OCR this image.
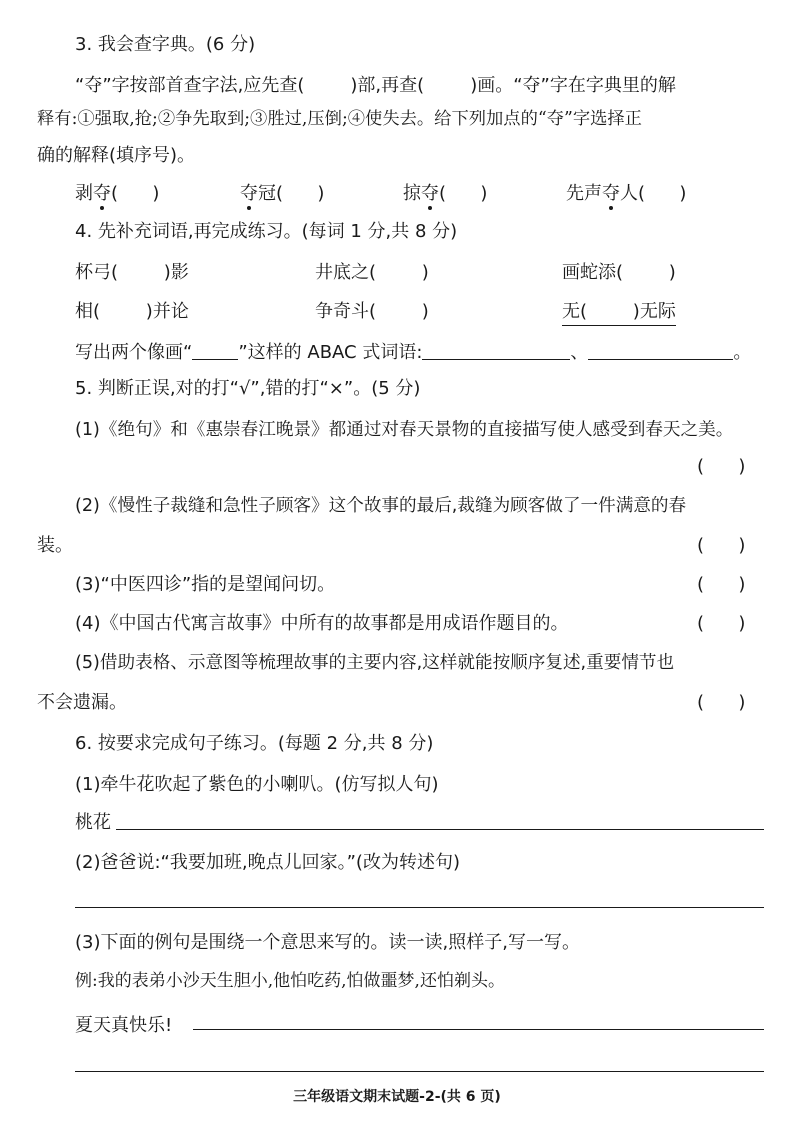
3. 我会查字典。(6 分)
“夺”字按部首查字法,应先查(	)部,再查(	)画。“夺”字在字典里的解
释有:①强取,抢;②争先取到;③胜过,压倒;④使失去。给下列加点的“夺”字选择正
确的解释(填序号)。
剥夺(      )	夺冠(      )	掠夺(      )	先声夺人(      )
4. 先补充词语,再完成练习。(每词 1 分,共 8 分)
杯弓(        )影	井底之(        )	画蛇添(        )
相(        )并论	争奇斗(        )	无(        )无际
写出两个像画“	”这样的 ABAC 式词语:	、	。
5. 判断正误,对的打“√”,错的打“×”。(5 分)
(1)《绝句》和《惠崇春江晚景》都通过对春天景物的直接描写使人感受到春天之美。
(      )
(2)《慢性子裁缝和急性子顾客》这个故事的最后,裁缝为顾客做了一件满意的春
装。	(      )
(3)“中医四诊”指的是望闻问切。	(      )
(4)《中国古代寓言故事》中所有的故事都是用成语作题目的。	(      )
(5)借助表格、示意图等梳理故事的主要内容,这样就能按顺序复述,重要情节也
不会遗漏。	(      )
6. 按要求完成句子练习。(每题 2 分,共 8 分)
(1)牵牛花吹起了紫色的小喇叭。(仿写拟人句)
桃花
(2)爸爸说:“我要加班,晚点儿回家。”(改为转述句)
(3)下面的例句是围绕一个意思来写的。读一读,照样子,写一写。
例:我的表弟小沙天生胆小,他怕吃药,怕做噩梦,还怕剃头。
夏天真快乐!
三年级语文期末试题-2-(共 6 页)
